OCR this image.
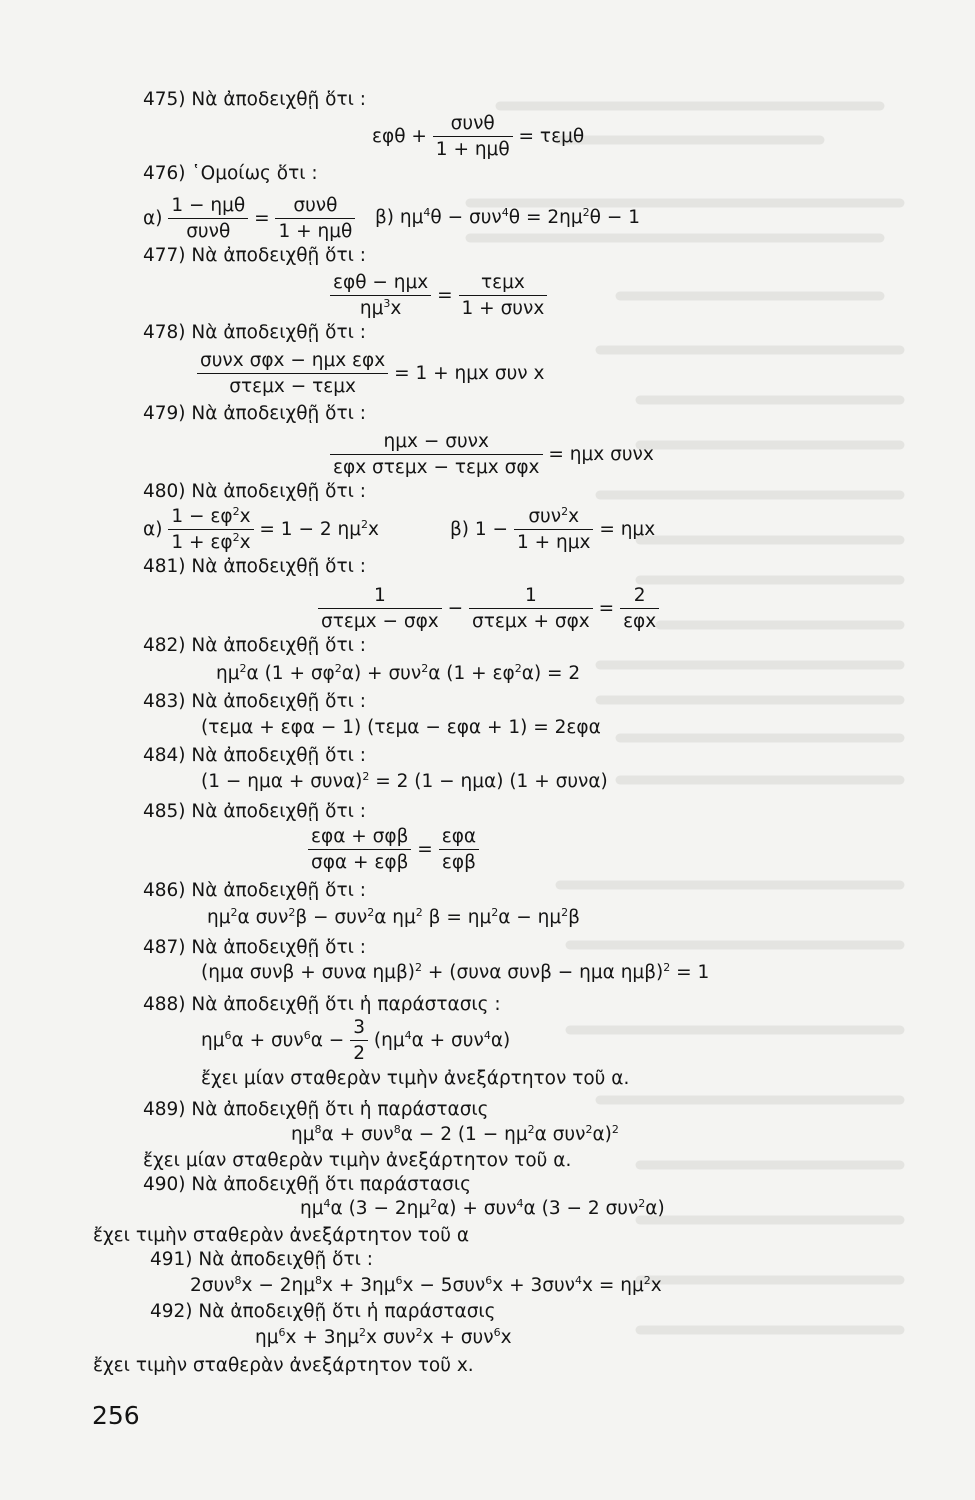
475) Νὰ ἀποδειχθῇ ὅτι :
$\varepsilon\varphi\theta + \frac{\text{συνθ}}{\text{1 + ημθ}} = \tau\varepsilon\mu\theta$
476) ῾Ομοίως ὅτι :
$\alpha) \frac{\text{1 − ημθ}}{\text{συνθ}} = \frac{\text{συνθ}}{\text{1 + ημθ}} \beta$) $\eta\mu^4\theta - \sigma\upsilon\nu^4\theta = 2\eta\mu^2\theta - 1$
477) Νὰ ἀποδειχθῇ ὅτι :
$\frac{\text{εφθ − ημx}}{\eta\mu^3x} = \frac{\text{τεμx}}{\text{1 + συνx}}$
478) Νὰ ἀποδειχθῇ ὅτι :
$\frac{\text{συνx σφx − ημx εφx}}{\text{στεμx − τεμx}} = 1 + \eta\mu x$ συν x
479) Νὰ ἀποδειχθῇ ὅτι :
$\frac{\text{ημx − συνx}}{\text{εφx στεμx − τεμx σφx}} = \eta\mu x$ συνx
480) Νὰ ἀποδειχθῇ ὅτι :
$\alpha) \frac{1 - \varepsilon\varphi^2x}{1 + \varepsilon\varphi^2x} = 1 - 2$ $\eta\mu^2x$	β) $1 - \frac{\sigma\upsilon\nu^2x}{\text{1 + ημx}} = \eta\mu x$
481) Νὰ ἀποδειχθῇ ὅτι :
$\frac{1}{\text{στεμx − σφx}} - \frac{1}{\text{στεμx + σφx}} = \frac{2}{\text{εφx}}$
482) Νὰ ἀποδειχθῇ ὅτι :
$\eta\mu^2\alpha$ $(1 + \sigma\varphi^2\alpha) + \sigma\upsilon\nu^2\alpha$ $(1 + \varepsilon\varphi^2\alpha) = 2$
483) Νὰ ἀποδειχθῇ ὅτι :
(τεμα + εφα − 1) (τεμα − εφα + 1) = 2εφα
484) Νὰ ἀποδειχθῇ ὅτι :
$(1 - \eta\mu\alpha + \sigma\upsilon\nu\alpha)^2 = 2$ (1 − ημα) (1 + συνα)
485) Νὰ ἀποδειχθῇ ὅτι :
$\frac{\text{εφα + σφβ}}{\text{σφα + εφβ}} = \frac{\text{εφα}}{\text{εφβ}}$
486) Νὰ ἀποδειχθῇ ὅτι :
$\eta\mu^2\alpha$ συν$^2$β − συν$^2$α $\eta\mu^2$ $\beta = \eta\mu^2\alpha - \eta\mu^2\beta$
487) Νὰ ἀποδειχθῇ ὅτι :
(ημα συνβ + συνα ημβ)$^2$ + (συνα συνβ − ημα ημβ)$^2$ = 1
488) Νὰ ἀποδειχθῇ ὅτι ἡ παράστασις :
$\eta\mu^6\alpha + \sigma\upsilon\nu^6\alpha - \frac{3}{2} (\eta\mu^4\alpha + \sigma\upsilon\nu^4\alpha)$
ἔχει μίαν σταθερὰν τιμὴν ἀνεξάρτητον τοῦ α.
489) Νὰ ἀποδειχθῇ ὅτι ἡ παράστασις
$\eta\mu^8\alpha + \sigma\upsilon\nu^8\alpha - 2$ ($1 - \eta\mu^2\alpha$ συν$^2$α)$^2$
ἔχει μίαν σταθερὰν τιμὴν ἀνεξάρτητον τοῦ α.
490) Νὰ ἀποδειχθῇ ὅτι παράστασις
$\eta\mu^4\alpha$ $(3 - 2\eta\mu^2\alpha) + \sigma\upsilon\nu^4\alpha$ (3 − 2 συν$^2$α)
ἔχει τιμὴν σταθερὰν ἀνεξάρτητον τοῦ α
491) Νὰ ἀποδειχθῇ ὅτι :
$2\sigma\upsilon\nu^8x - 2\eta\mu^8x + 3\eta\mu^6x - 5\sigma\upsilon\nu^6x + 3\sigma\upsilon\nu^4x = \eta\mu^2x$
492) Νὰ ἀποδειχθῇ ὅτι ἡ παράστασις
$\eta\mu^6x + 3\eta\mu^2x$ συν$^2$x + συν$^6$x
ἔχει τιμὴν σταθερὰν ἀνεξάρτητον τοῦ x.
256
